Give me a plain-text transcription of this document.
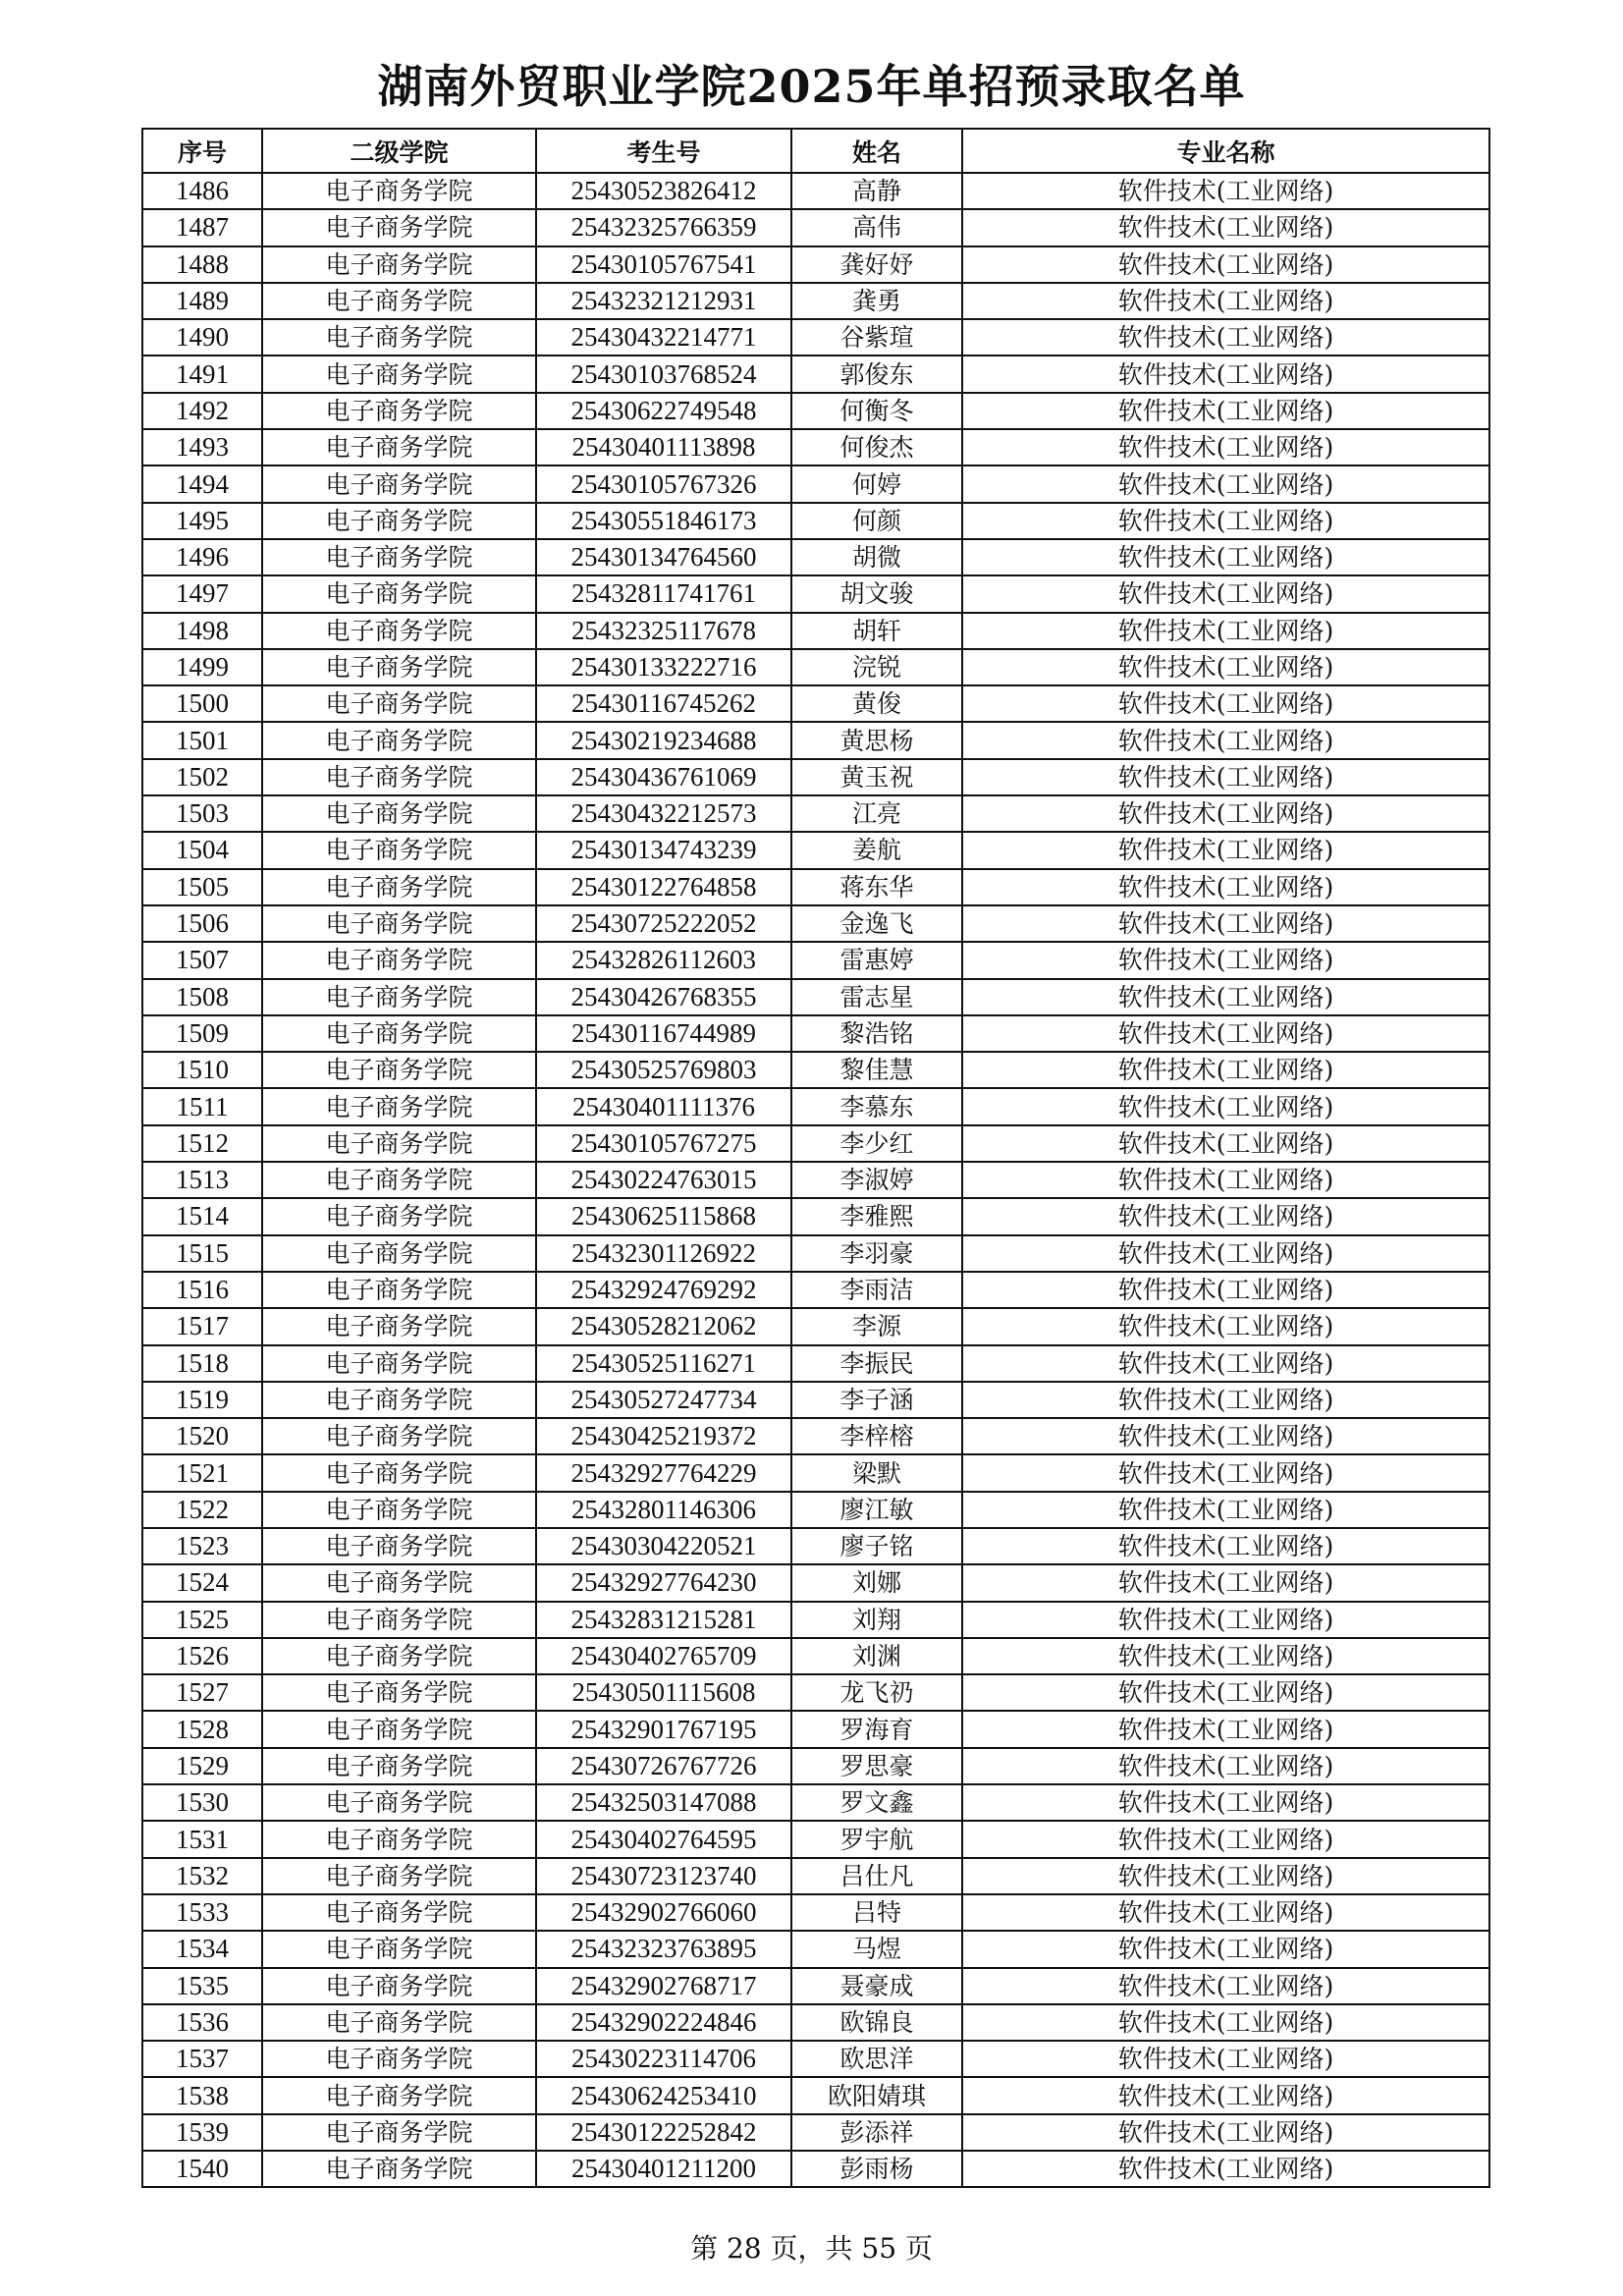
湖南外贸职业学院2025年单招预录取名单
序号	二级学院	考生号	姓名	专业名称
1486	电子商务学院	25430523826412	高静	软件技术(工业网络)
1487	电子商务学院	25432325766359	高伟	软件技术(工业网络)
1488	电子商务学院	25430105767541	龚好妤	软件技术(工业网络)
1489	电子商务学院	25432321212931	龚勇	软件技术(工业网络)
1490	电子商务学院	25430432214771	谷紫瑄	软件技术(工业网络)
1491	电子商务学院	25430103768524	郭俊东	软件技术(工业网络)
1492	电子商务学院	25430622749548	何衡冬	软件技术(工业网络)
1493	电子商务学院	25430401113898	何俊杰	软件技术(工业网络)
1494	电子商务学院	25430105767326	何婷	软件技术(工业网络)
1495	电子商务学院	25430551846173	何颜	软件技术(工业网络)
1496	电子商务学院	25430134764560	胡微	软件技术(工业网络)
1497	电子商务学院	25432811741761	胡文骏	软件技术(工业网络)
1498	电子商务学院	25432325117678	胡轩	软件技术(工业网络)
1499	电子商务学院	25430133222716	浣锐	软件技术(工业网络)
1500	电子商务学院	25430116745262	黄俊	软件技术(工业网络)
1501	电子商务学院	25430219234688	黄思杨	软件技术(工业网络)
1502	电子商务学院	25430436761069	黄玉祝	软件技术(工业网络)
1503	电子商务学院	25430432212573	江亮	软件技术(工业网络)
1504	电子商务学院	25430134743239	姜航	软件技术(工业网络)
1505	电子商务学院	25430122764858	蒋东华	软件技术(工业网络)
1506	电子商务学院	25430725222052	金逸飞	软件技术(工业网络)
1507	电子商务学院	25432826112603	雷惠婷	软件技术(工业网络)
1508	电子商务学院	25430426768355	雷志星	软件技术(工业网络)
1509	电子商务学院	25430116744989	黎浩铭	软件技术(工业网络)
1510	电子商务学院	25430525769803	黎佳慧	软件技术(工业网络)
1511	电子商务学院	25430401111376	李慕东	软件技术(工业网络)
1512	电子商务学院	25430105767275	李少红	软件技术(工业网络)
1513	电子商务学院	25430224763015	李淑婷	软件技术(工业网络)
1514	电子商务学院	25430625115868	李雅熙	软件技术(工业网络)
1515	电子商务学院	25432301126922	李羽豪	软件技术(工业网络)
1516	电子商务学院	25432924769292	李雨洁	软件技术(工业网络)
1517	电子商务学院	25430528212062	李源	软件技术(工业网络)
1518	电子商务学院	25430525116271	李振民	软件技术(工业网络)
1519	电子商务学院	25430527247734	李子涵	软件技术(工业网络)
1520	电子商务学院	25430425219372	李梓榕	软件技术(工业网络)
1521	电子商务学院	25432927764229	梁默	软件技术(工业网络)
1522	电子商务学院	25432801146306	廖江敏	软件技术(工业网络)
1523	电子商务学院	25430304220521	廖子铭	软件技术(工业网络)
1524	电子商务学院	25432927764230	刘娜	软件技术(工业网络)
1525	电子商务学院	25432831215281	刘翔	软件技术(工业网络)
1526	电子商务学院	25430402765709	刘渊	软件技术(工业网络)
1527	电子商务学院	25430501115608	龙飞礽	软件技术(工业网络)
1528	电子商务学院	25432901767195	罗海育	软件技术(工业网络)
1529	电子商务学院	25430726767726	罗思豪	软件技术(工业网络)
1530	电子商务学院	25432503147088	罗文鑫	软件技术(工业网络)
1531	电子商务学院	25430402764595	罗宇航	软件技术(工业网络)
1532	电子商务学院	25430723123740	吕仕凡	软件技术(工业网络)
1533	电子商务学院	25432902766060	吕特	软件技术(工业网络)
1534	电子商务学院	25432323763895	马煜	软件技术(工业网络)
1535	电子商务学院	25432902768717	聂豪成	软件技术(工业网络)
1536	电子商务学院	25432902224846	欧锦良	软件技术(工业网络)
1537	电子商务学院	25430223114706	欧思洋	软件技术(工业网络)
1538	电子商务学院	25430624253410	欧阳婧琪	软件技术(工业网络)
1539	电子商务学院	25430122252842	彭添祥	软件技术(工业网络)
1540	电子商务学院	25430401211200	彭雨杨	软件技术(工业网络)
第 28 页，共 55 页
